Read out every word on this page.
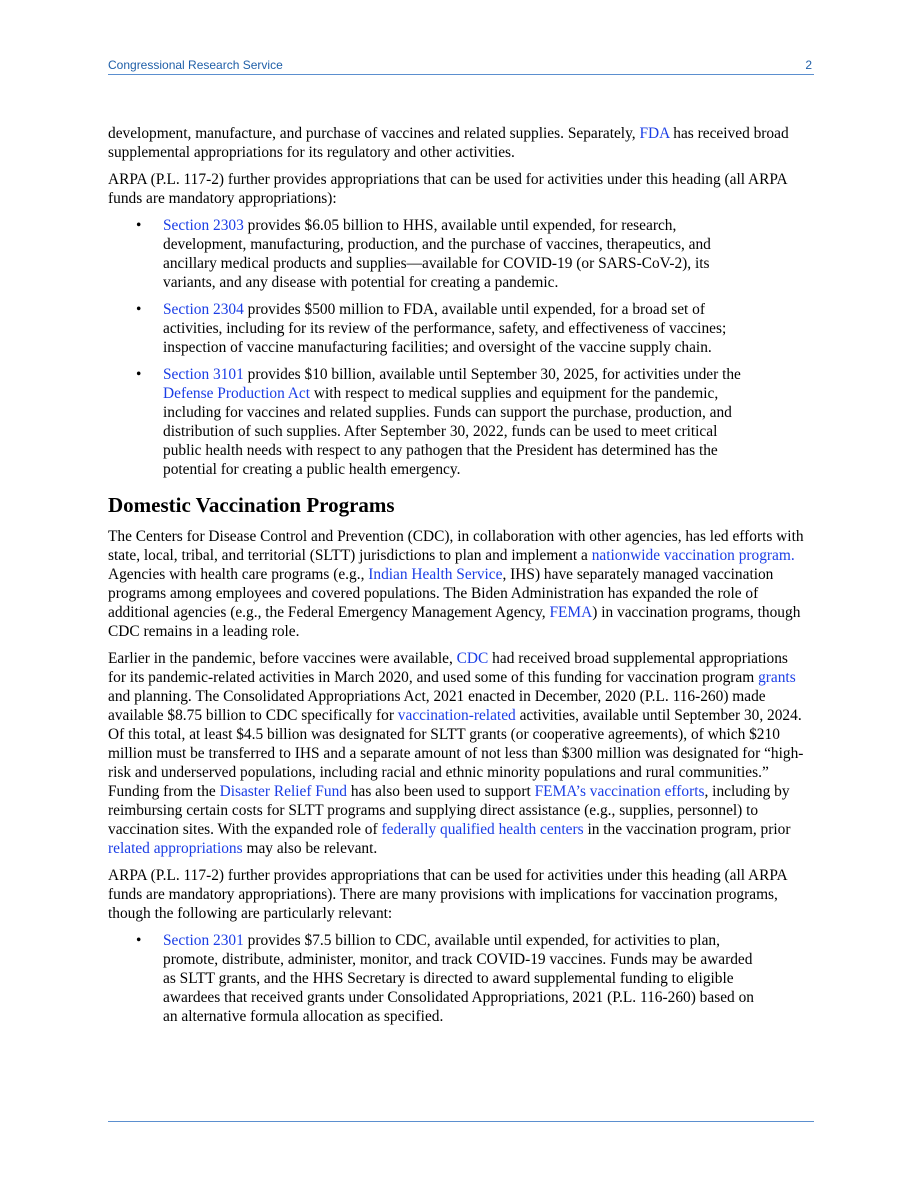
Congressional Research Service	2

development, manufacture, and purchase of vaccines and related supplies. Separately, FDA has received broad supplemental appropriations for its regulatory and other activities.

ARPA (P.L. 117-2) further provides appropriations that can be used for activities under this heading (all ARPA funds are mandatory appropriations):

• Section 2303 provides $6.05 billion to HHS, available until expended, for research, development, manufacturing, production, and the purchase of vaccines, therapeutics, and ancillary medical products and supplies—available for COVID-19 (or SARS-CoV-2), its variants, and any disease with potential for creating a pandemic.
• Section 2304 provides $500 million to FDA, available until expended, for a broad set of activities, including for its review of the performance, safety, and effectiveness of vaccines; inspection of vaccine manufacturing facilities; and oversight of the vaccine supply chain.
• Section 3101 provides $10 billion, available until September 30, 2025, for activities under the Defense Production Act with respect to medical supplies and equipment for the pandemic, including for vaccines and related supplies. Funds can support the purchase, production, and distribution of such supplies. After September 30, 2022, funds can be used to meet critical public health needs with respect to any pathogen that the President has determined has the potential for creating a public health emergency.
Domestic Vaccination Programs

The Centers for Disease Control and Prevention (CDC), in collaboration with other agencies, has led efforts with state, local, tribal, and territorial (SLTT) jurisdictions to plan and implement a nationwide vaccination program. Agencies with health care programs (e.g., Indian Health Service, IHS) have separately managed vaccination programs among employees and covered populations. The Biden Administration has expanded the role of additional agencies (e.g., the Federal Emergency Management Agency, FEMA) in vaccination programs, though CDC remains in a leading role.

Earlier in the pandemic, before vaccines were available, CDC had received broad supplemental appropriations for its pandemic-related activities in March 2020, and used some of this funding for vaccination program grants and planning. The Consolidated Appropriations Act, 2021 enacted in December, 2020 (P.L. 116-260) made available $8.75 billion to CDC specifically for vaccination-related activities, available until September 30, 2024. Of this total, at least $4.5 billion was designated for SLTT grants (or cooperative agreements), of which $210 million must be transferred to IHS and a separate amount of not less than $300 million was designated for “high-risk and underserved populations, including racial and ethnic minority populations and rural communities.” Funding from the Disaster Relief Fund has also been used to support FEMA’s vaccination efforts, including by reimbursing certain costs for SLTT programs and supplying direct assistance (e.g., supplies, personnel) to vaccination sites. With the expanded role of federally qualified health centers in the vaccination program, prior related appropriations may also be relevant.

ARPA (P.L. 117-2) further provides appropriations that can be used for activities under this heading (all ARPA funds are mandatory appropriations). There are many provisions with implications for vaccination programs, though the following are particularly relevant:

• Section 2301 provides $7.5 billion to CDC, available until expended, for activities to plan, promote, distribute, administer, monitor, and track COVID-19 vaccines. Funds may be awarded as SLTT grants, and the HHS Secretary is directed to award supplemental funding to eligible awardees that received grants under Consolidated Appropriations, 2021 (P.L. 116-260) based on an alternative formula allocation as specified.
